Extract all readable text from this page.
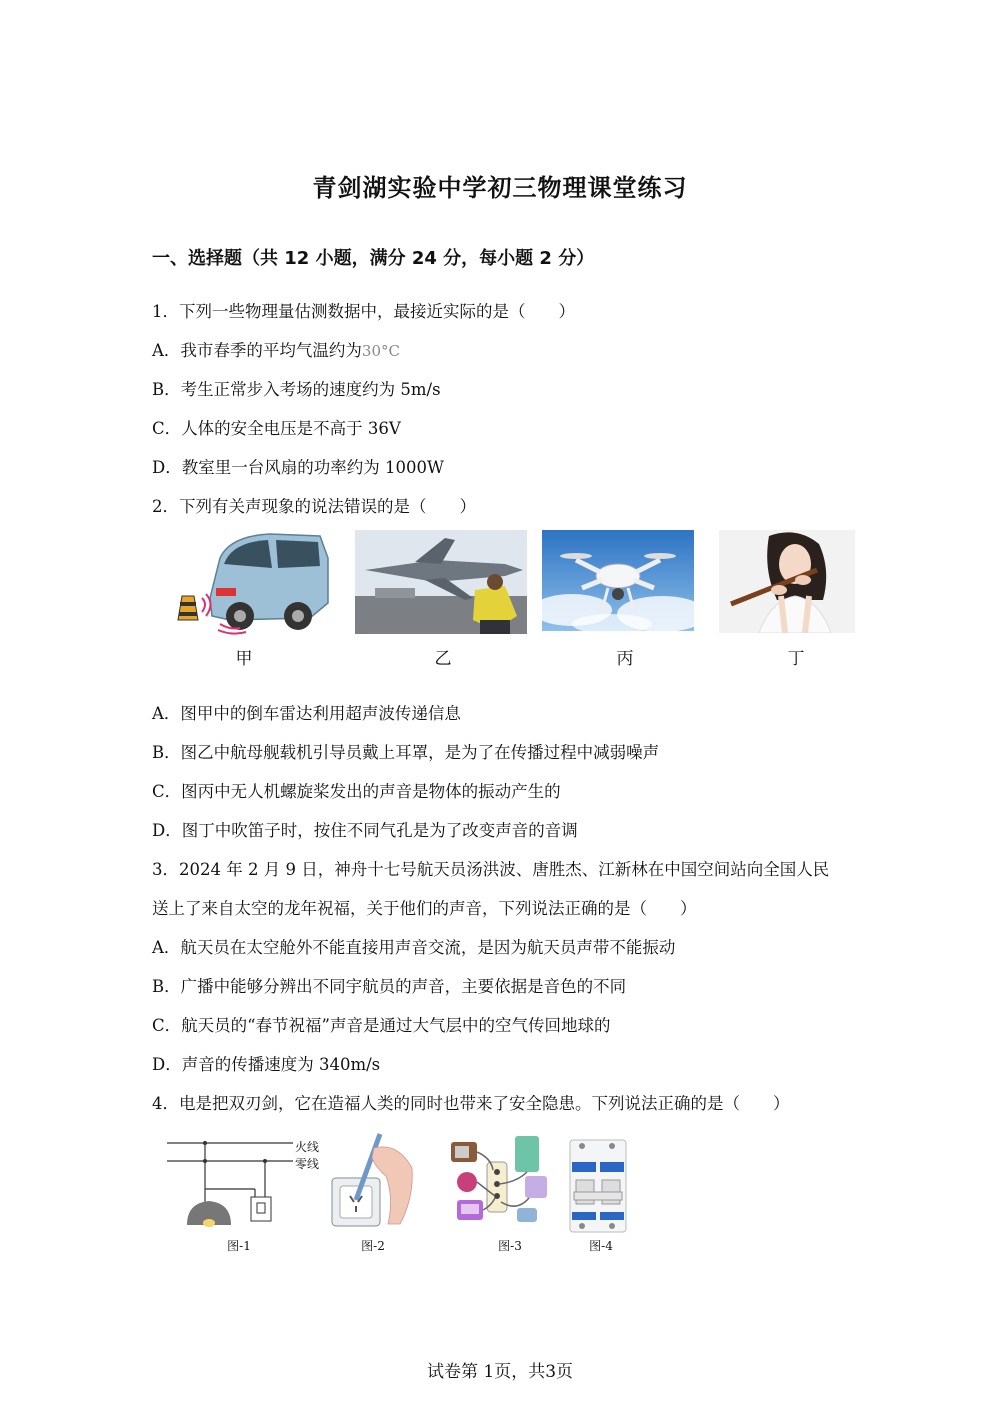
青剑湖实验中学初三物理课堂练习
一、选择题（共 12 小题，满分 24 分，每小题 2 分）
1．下列一些物理量估测数据中，最接近实际的是（　　）
A．我市春季的平均气温约为30°C
B．考生正常步入考场的速度约为 5m/s
C．人体的安全电压是不高于 36V
D．教室里一台风扇的功率约为 1000W
2．下列有关声现象的说法错误的是（　　）
甲	乙	丙	丁
A．图甲中的倒车雷达利用超声波传递信息
B．图乙中航母舰载机引导员戴上耳罩，是为了在传播过程中减弱噪声
C．图丙中无人机螺旋桨发出的声音是物体的振动产生的
D．图丁中吹笛子时，按住不同气孔是为了改变声音的音调
3．2024 年 2 月 9 日，神舟十七号航天员汤洪波、唐胜杰、江新林在中国空间站向全国人民
送上了来自太空的龙年祝福，关于他们的声音，下列说法正确的是（　　）
A．航天员在太空舱外不能直接用声音交流，是因为航天员声带不能振动
B．广播中能够分辨出不同宇航员的声音，主要依据是音色的不同
C．航天员的“春节祝福”声音是通过大气层中的空气传回地球的
D．声音的传播速度为 340m/s
4．电是把双刃剑，它在造福人类的同时也带来了安全隐患。下列说法正确的是（　　）
火线
零线
图-1	图-2	图-3	图-4
试卷第 1页，共3页
